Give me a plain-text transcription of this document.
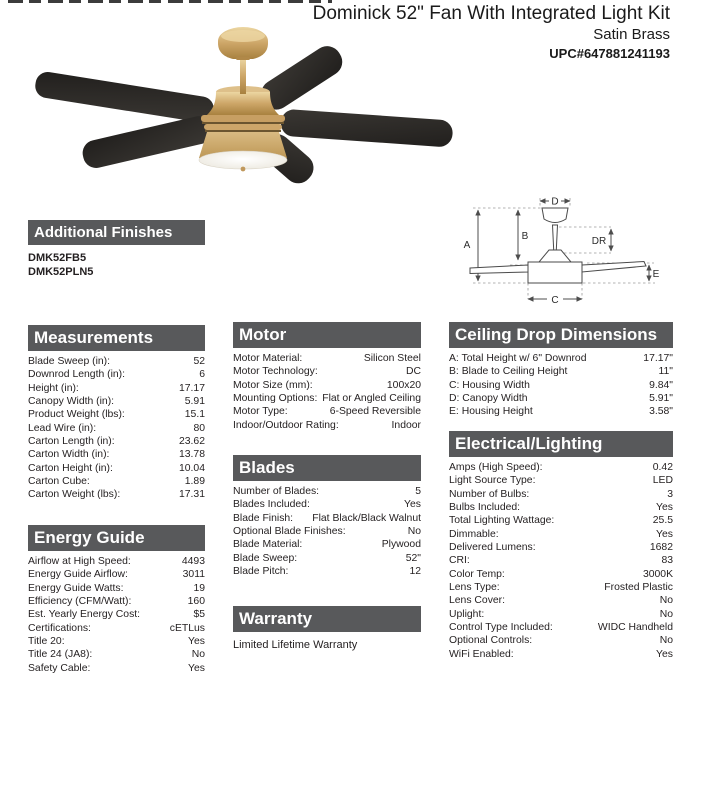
Dominick 52" Fan With Integrated Light Kit
Satin Brass
UPC#647881241193
A
B
C
D
E
DR
Additional Finishes
DMK52FB5
DMK52PLN5
Measurements
Blade Sweep (in):	52
Downrod Length (in):	6
Height (in):	17.17
Canopy Width (in):	5.91
Product Weight (lbs):	15.1
Lead Wire (in):	80
Carton Length (in):	23.62
Carton Width (in):	13.78
Carton Height (in):	10.04
Carton Cube:	1.89
Carton Weight (lbs):	17.31
Energy Guide
Airflow at High Speed:	4493
Energy Guide Airflow:	3011
Energy Guide Watts:	19
Efficiency (CFM/Watt):	160
Est. Yearly Energy Cost:	$5
Certifications:	cETLus
Title 20:	Yes
Title 24 (JA8):	No
Safety Cable:	Yes
Motor
Motor Material:	Silicon Steel
Motor Technology:	DC
Motor Size (mm):	100x20
Mounting Options: Flat or Angled Ceiling
Motor Type:	6-Speed Reversible
Indoor/Outdoor Rating:	Indoor
Blades
Number of Blades:	5
Blades Included:	Yes
Blade Finish: Flat Black/Black Walnut
Optional Blade Finishes:	No
Blade Material:	Plywood
Blade Sweep:	52"
Blade Pitch:	12
Warranty
Limited Lifetime Warranty
Ceiling Drop Dimensions
A: Total Height w/ 6" Downrod	17.17"
B: Blade to Ceiling Height	11"
C: Housing Width	9.84"
D: Canopy Width	5.91"
E: Housing Height	3.58"
Electrical/Lighting
Amps (High Speed):	0.42
Light Source Type:	LED
Number of Bulbs:	3
Bulbs Included:	Yes
Total Lighting Wattage:	25.5
Dimmable:	Yes
Delivered Lumens:	1682
CRI:	83
Color Temp:	3000K
Lens Type:	Frosted Plastic
Lens Cover:	No
Uplight:	No
Control Type Included:	WIDC Handheld
Optional Controls:	No
WiFi Enabled:	Yes
